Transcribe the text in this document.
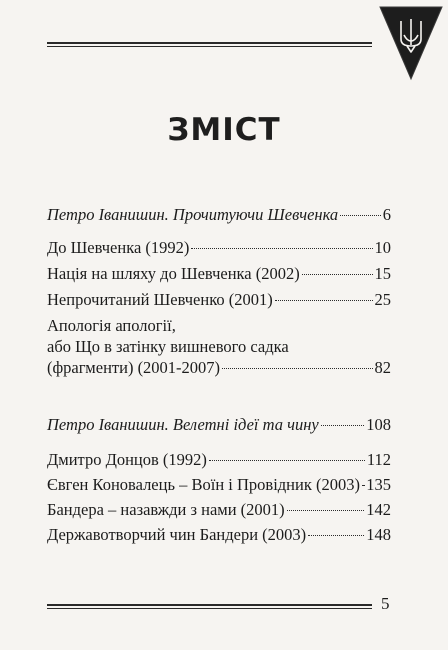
ЗМІСТ
Петро Іванишин. Прочитуючи Шевченка	6
До Шевченка (1992)	10
Нація на шляху до Шевченка (2002)	15
Непрочитаний Шевченко (2001)	25
Апологія апології,
або Що в затінку вишневого садка
(фрагменти) (2001-2007)	82
Петро Іванишин. Велетні ідеї та чину	108
Дмитро Донцов (1992)	112
Євген Коновалець – Воїн і Провідник (2003) 135
Бандера – назавжди з нами (2001)	142
Державотворчий чин Бандери (2003)	148
5
